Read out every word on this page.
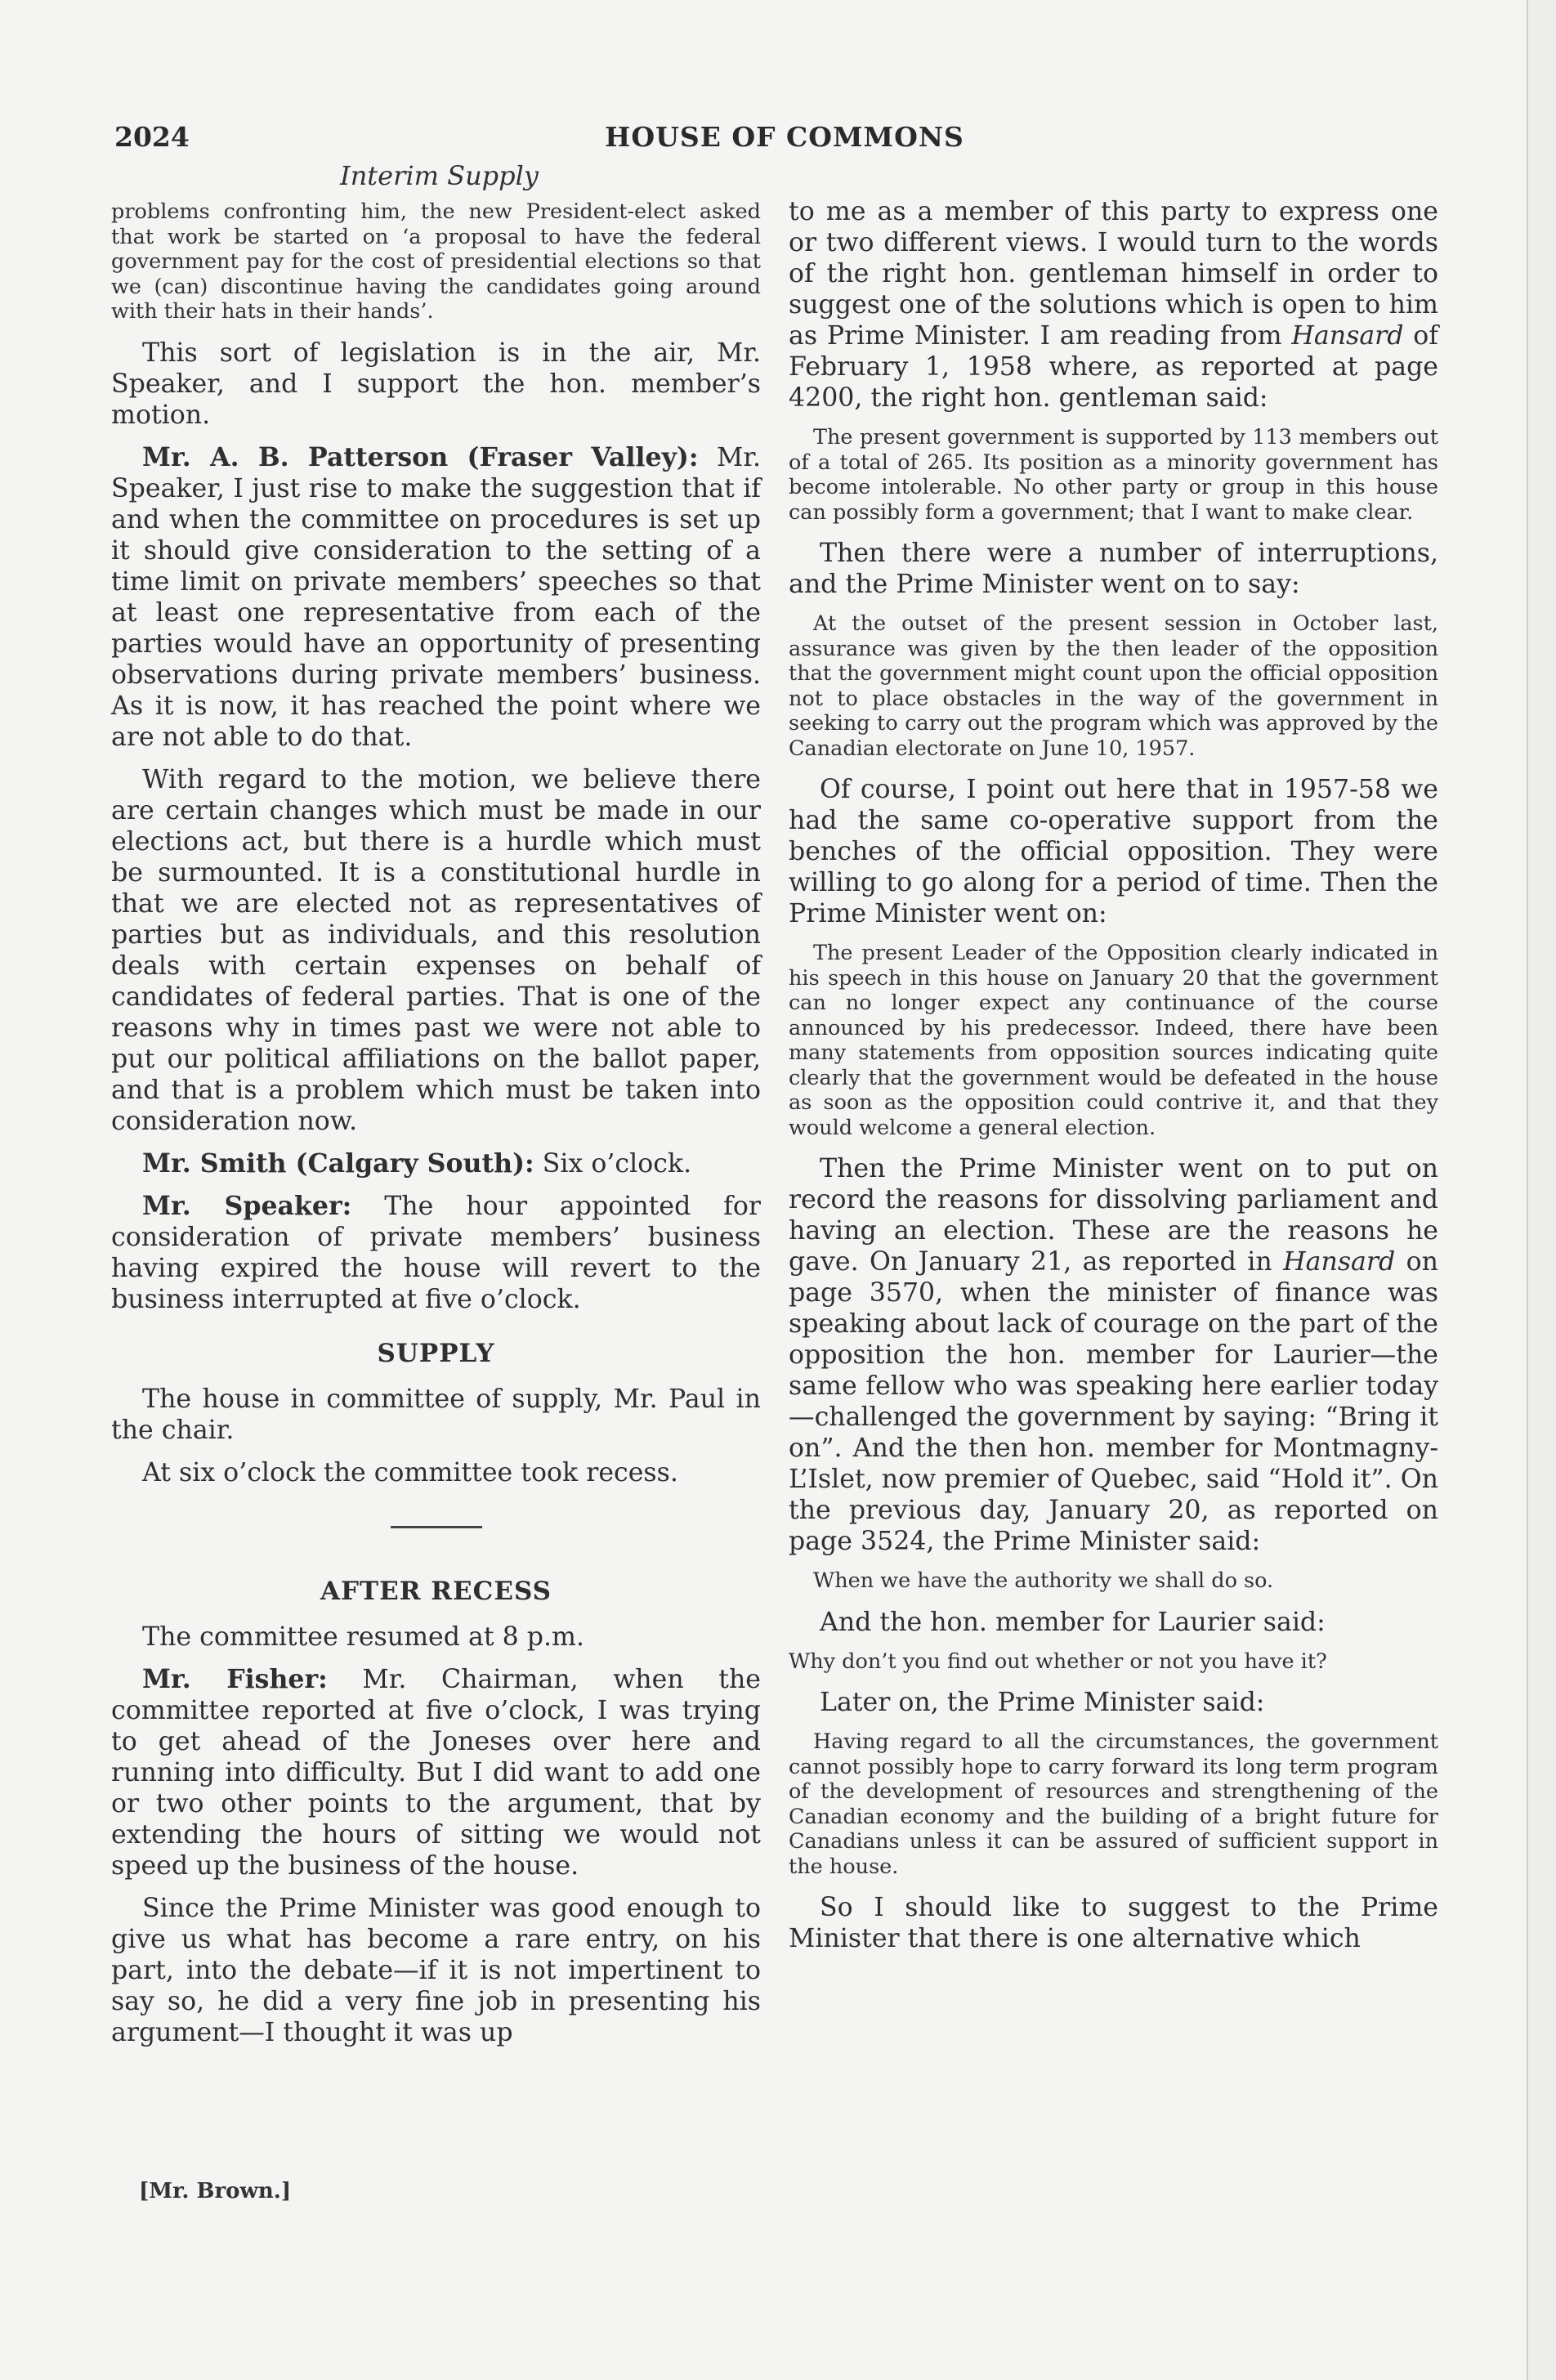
2024	HOUSE OF COMMONS
Interim Supply

problems confronting him, the new President-elect asked that work be started on ‘a proposal to have the federal government pay for the cost of presidential elections so that we (can) discontinue having the candidates going around with their hats in their hands’.

This sort of legislation is in the air, Mr. Speaker, and I support the hon. member’s motion.

Mr. A. B. Patterson (Fraser Valley): Mr. Speaker, I just rise to make the suggestion that if and when the committee on procedures is set up it should give consideration to the setting of a time limit on private members’ speeches so that at least one representative from each of the parties would have an opportunity of presenting observations during private members’ business. As it is now, it has reached the point where we are not able to do that.

With regard to the motion, we believe there are certain changes which must be made in our elections act, but there is a hurdle which must be surmounted. It is a constitutional hurdle in that we are elected not as representatives of parties but as individuals, and this resolution deals with certain expenses on behalf of candidates of federal parties. That is one of the reasons why in times past we were not able to put our political affiliations on the ballot paper, and that is a problem which must be taken into consideration now.

Mr. Smith (Calgary South): Six o’clock.

Mr. Speaker: The hour appointed for consideration of private members’ business having expired the house will revert to the business interrupted at five o’clock.

SUPPLY

The house in committee of supply, Mr. Paul in the chair.

At six o’clock the committee took recess.

AFTER RECESS

The committee resumed at 8 p.m.

Mr. Fisher: Mr. Chairman, when the committee reported at five o’clock, I was trying to get ahead of the Joneses over here and running into difficulty. But I did want to add one or two other points to the argument, that by extending the hours of sitting we would not speed up the business of the house.

Since the Prime Minister was good enough to give us what has become a rare entry, on his part, into the debate—if it is not impertinent to say so, he did a very fine job in presenting his argument—I thought it was up

to me as a member of this party to express one or two different views. I would turn to the words of the right hon. gentleman himself in order to suggest one of the solutions which is open to him as Prime Minister. I am reading from Hansard of February 1, 1958 where, as reported at page 4200, the right hon. gentleman said:

The present government is supported by 113 members out of a total of 265. Its position as a minority government has become intolerable. No other party or group in this house can possibly form a government; that I want to make clear.

Then there were a number of interruptions, and the Prime Minister went on to say:

At the outset of the present session in October last, assurance was given by the then leader of the opposition that the government might count upon the official opposition not to place obstacles in the way of the government in seeking to carry out the program which was approved by the Canadian electorate on June 10, 1957.

Of course, I point out here that in 1957-58 we had the same co-operative support from the benches of the official opposition. They were willing to go along for a period of time. Then the Prime Minister went on:

The present Leader of the Opposition clearly indicated in his speech in this house on January 20 that the government can no longer expect any continuance of the course announced by his predecessor. Indeed, there have been many statements from opposition sources indicating quite clearly that the government would be defeated in the house as soon as the opposition could contrive it, and that they would welcome a general election.

Then the Prime Minister went on to put on record the reasons for dissolving parliament and having an election. These are the reasons he gave. On January 21, as reported in Hansard on page 3570, when the minister of finance was speaking about lack of courage on the part of the opposition the hon. member for Laurier—the same fellow who was speaking here earlier today—challenged the government by saying: “Bring it on”. And the then hon. member for Montmagny-L’Islet, now premier of Quebec, said “Hold it”. On the previous day, January 20, as reported on page 3524, the Prime Minister said:

When we have the authority we shall do so.

And the hon. member for Laurier said:

Why don’t you find out whether or not you have it?

Later on, the Prime Minister said:

Having regard to all the circumstances, the government cannot possibly hope to carry forward its long term program of the development of resources and strengthening of the Canadian economy and the building of a bright future for Canadians unless it can be assured of sufficient support in the house.

So I should like to suggest to the Prime Minister that there is one alternative which

[Mr. Brown.]
